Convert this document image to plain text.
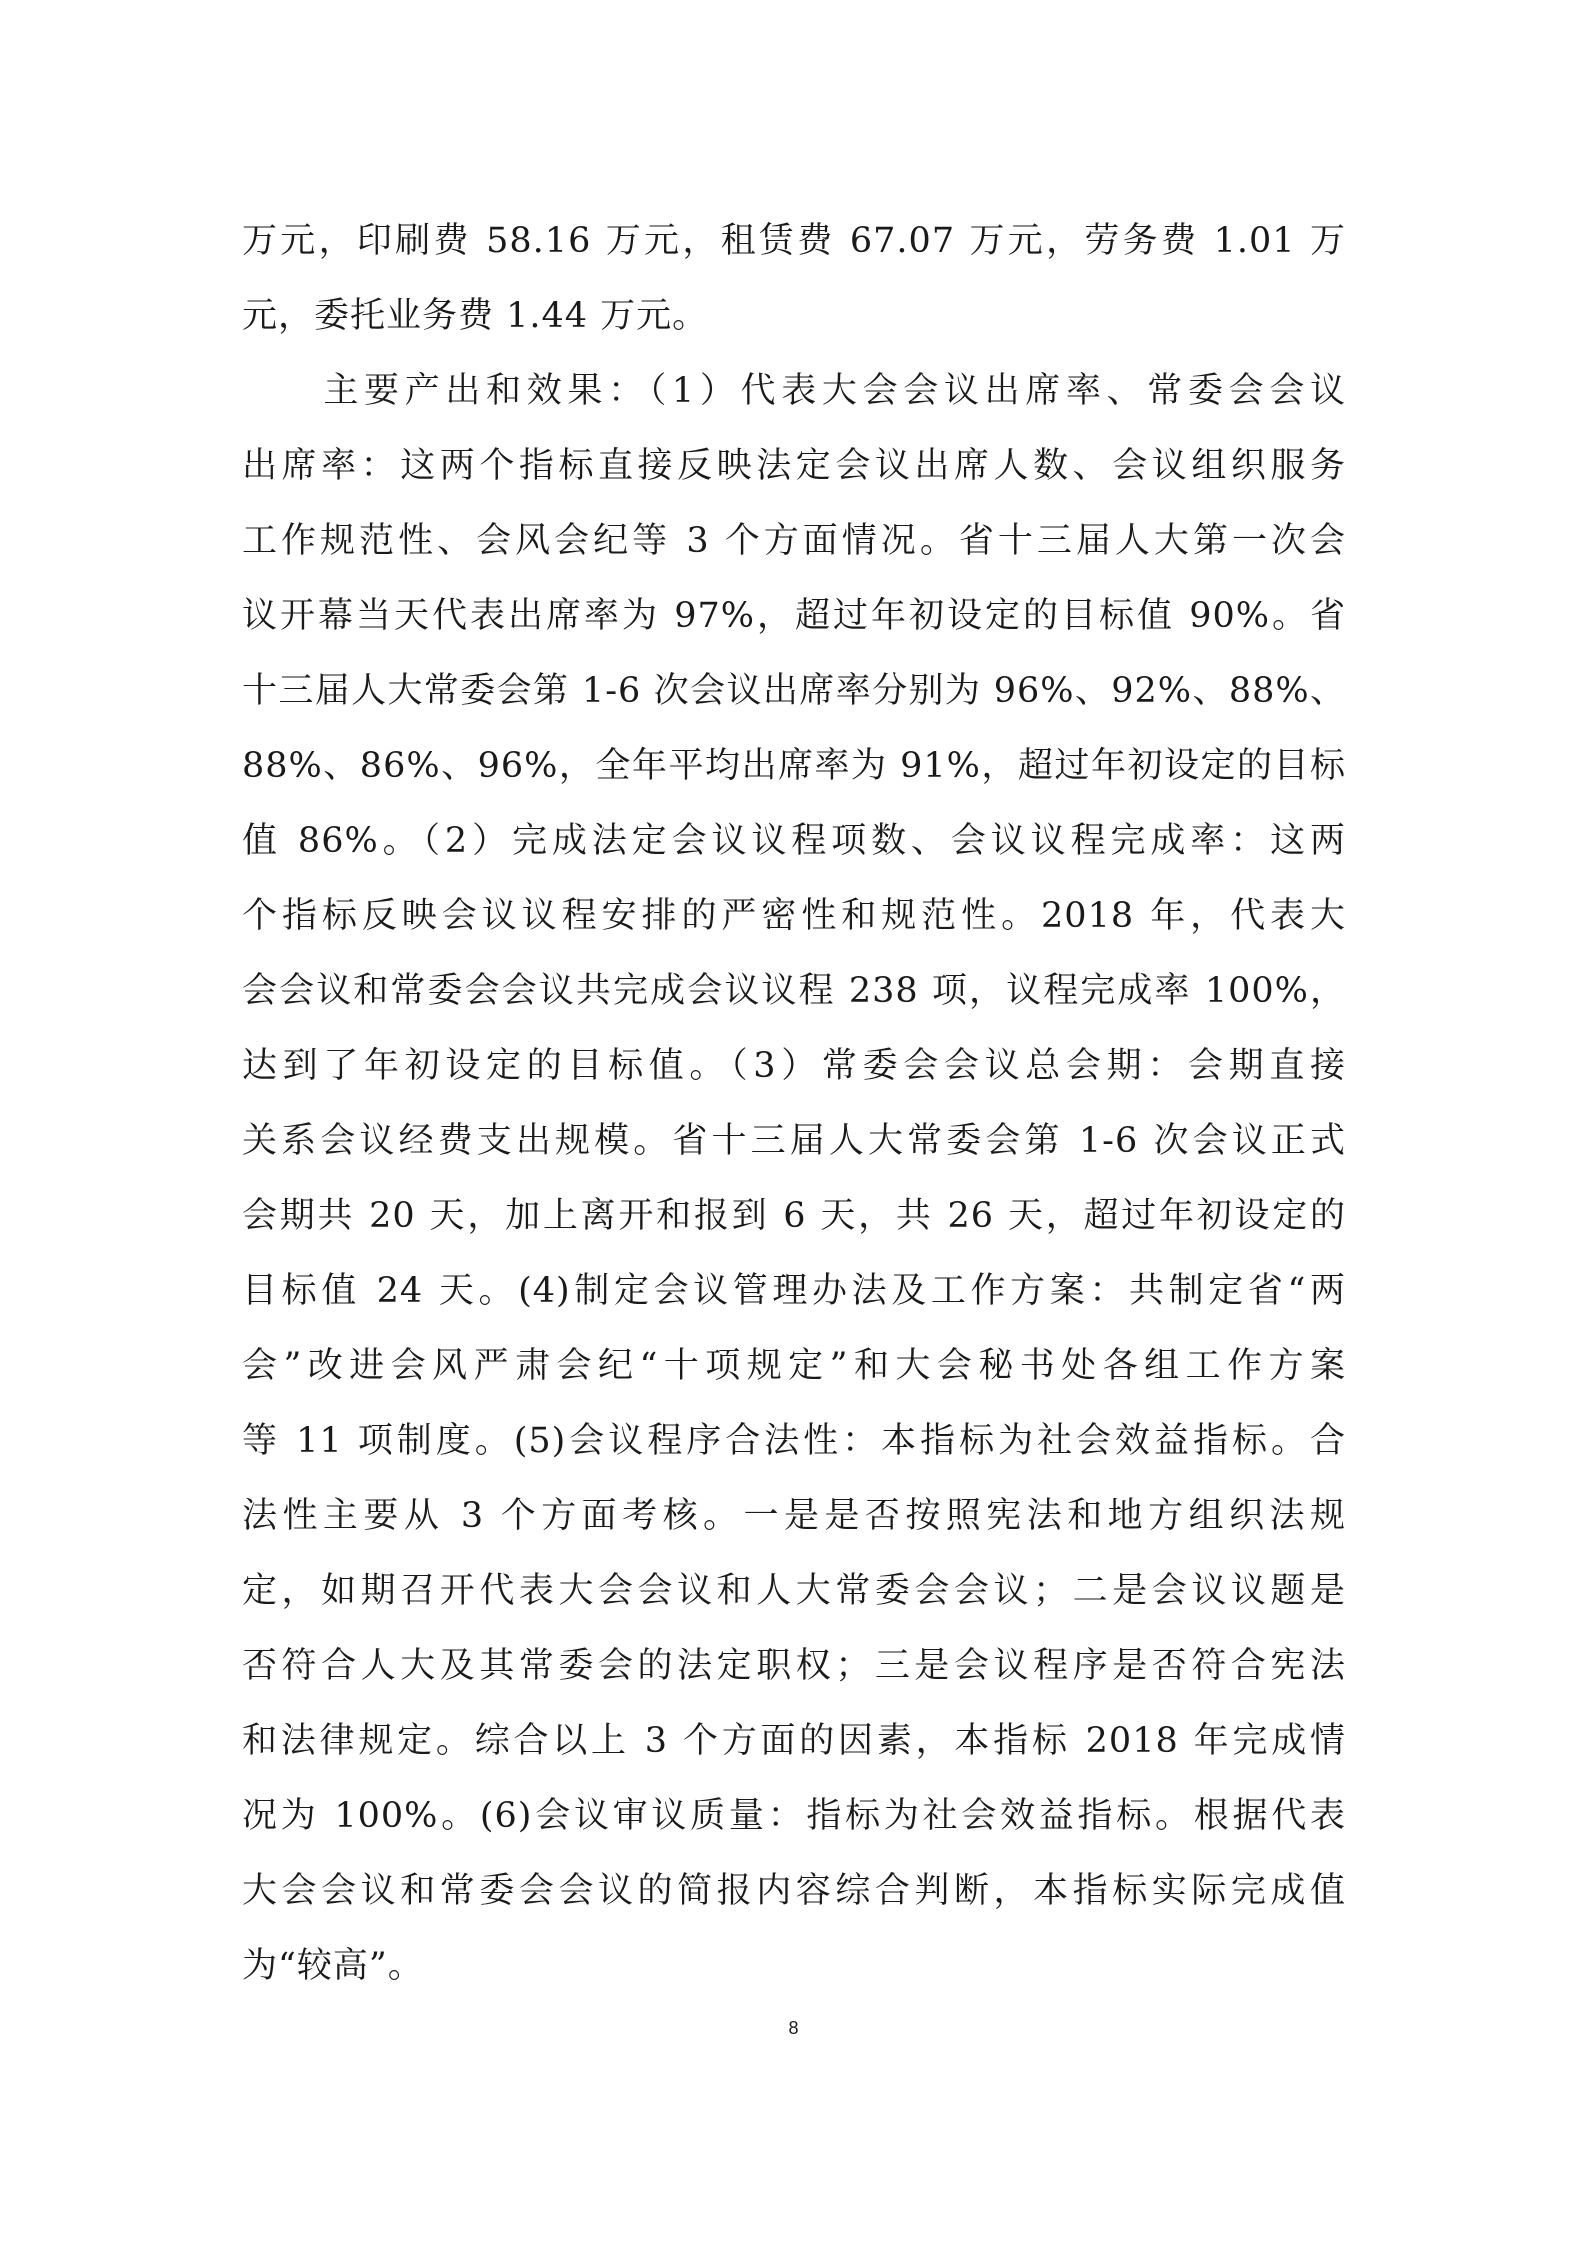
万元，印刷费 58.16 万元，租赁费 67.07 万元，劳务费 1.01 万
元，委托业务费 1.44 万元。
　　主要产出和效果：（1）代表大会会议出席率、常委会会议
出席率：这两个指标直接反映法定会议出席人数、会议组织服务
工作规范性、会风会纪等 3 个方面情况。省十三届人大第一次会
议开幕当天代表出席率为 97%，超过年初设定的目标值 90%。省
十三届人大常委会第 1-6 次会议出席率分别为 96%、92%、88%、
88%、86%、96%，全年平均出席率为 91%，超过年初设定的目标
值 86%。（2）完成法定会议议程项数、会议议程完成率：这两
个指标反映会议议程安排的严密性和规范性。2018 年，代表大
会会议和常委会会议共完成会议议程 238 项，议程完成率 100%，
达到了年初设定的目标值。（3）常委会会议总会期：会期直接
关系会议经费支出规模。省十三届人大常委会第 1-6 次会议正式
会期共 20 天，加上离开和报到 6 天，共 26 天，超过年初设定的
目标值 24 天。(4)制定会议管理办法及工作方案：共制定省“两
会”改进会风严肃会纪“十项规定”和大会秘书处各组工作方案
等 11 项制度。(5)会议程序合法性：本指标为社会效益指标。合
法性主要从 3 个方面考核。一是是否按照宪法和地方组织法规
定，如期召开代表大会会议和人大常委会会议；二是会议议题是
否符合人大及其常委会的法定职权；三是会议程序是否符合宪法
和法律规定。综合以上 3 个方面的因素，本指标 2018 年完成情
况为 100%。(6)会议审议质量：指标为社会效益指标。根据代表
大会会议和常委会会议的简报内容综合判断，本指标实际完成值
为“较高”。
8
